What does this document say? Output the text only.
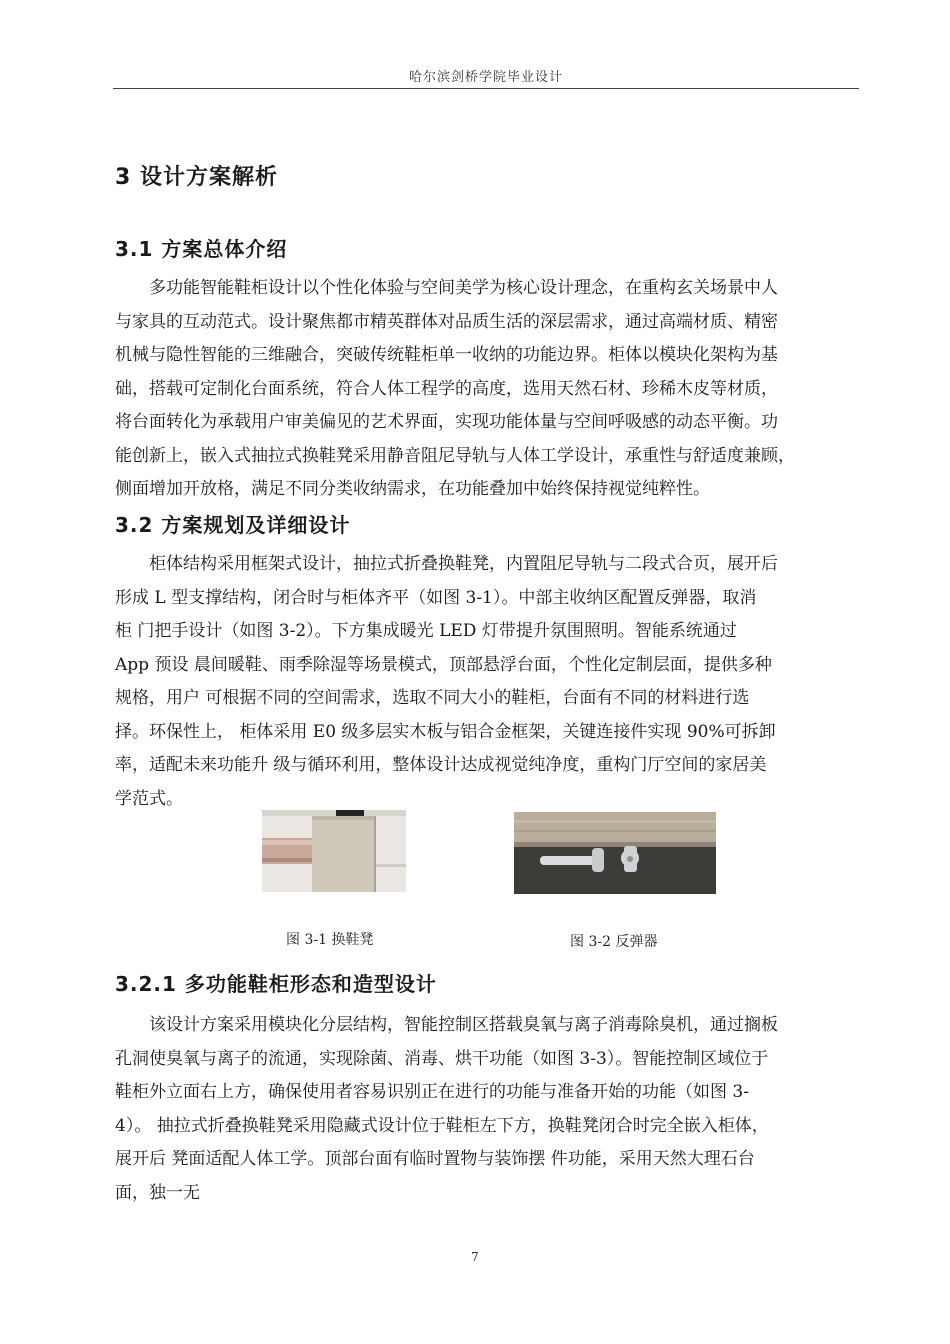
哈尔滨剑桥学院毕业设计
3 设计方案解析
3.1 方案总体介绍
　　多功能智能鞋柜设计以个性化体验与空间美学为核心设计理念，在重构玄关场景中人
与家具的互动范式。设计聚焦都市精英群体对品质生活的深层需求，通过高端材质、精密
机械与隐性智能的三维融合，突破传统鞋柜单一收纳的功能边界。柜体以模块化架构为基
础，搭载可定制化台面系统，符合人体工程学的高度，选用天然石材、珍稀木皮等材质，
将台面转化为承载用户审美偏见的艺术界面，实现功能体量与空间呼吸感的动态平衡。功
能创新上，嵌入式抽拉式换鞋凳采用静音阻尼导轨与人体工学设计，承重性与舒适度兼顾，
侧面增加开放格，满足不同分类收纳需求，在功能叠加中始终保持视觉纯粹性。
3.2 方案规划及详细设计
　　柜体结构采用框架式设计，抽拉式折叠换鞋凳，内置阻尼导轨与二段式合页，展开后
形成 L 型支撑结构，闭合时与柜体齐平（如图 3-1）。中部主收纳区配置反弹器，取消
柜 门把手设计（如图 3-2）。下方集成暖光 LED 灯带提升氛围照明。智能系统通过
App 预设 晨间暖鞋、雨季除湿等场景模式，顶部悬浮台面，个性化定制层面，提供多种
规格，用户 可根据不同的空间需求，选取不同大小的鞋柜，台面有不同的材料进行选
择。环保性上， 柜体采用 E0 级多层实木板与铝合金框架，关键连接件实现 90%可拆卸
率，适配未来功能升 级与循环利用，整体设计达成视觉纯净度，重构门厅空间的家居美
学范式。
图 3-1 换鞋凳	图 3-2 反弹器
3.2.1 多功能鞋柜形态和造型设计
　　该设计方案采用模块化分层结构，智能控制区搭载臭氧与离子消毒除臭机，通过搁板
孔洞使臭氧与离子的流通，实现除菌、消毒、烘干功能（如图 3-3）。智能控制区域位于
鞋柜外立面右上方，确保使用者容易识别正在进行的功能与准备开始的功能（如图 3-
4）。 抽拉式折叠换鞋凳采用隐藏式设计位于鞋柜左下方，换鞋凳闭合时完全嵌入柜体，
展开后 凳面适配人体工学。顶部台面有临时置物与装饰摆 件功能，采用天然大理石台
面，独一无
7
